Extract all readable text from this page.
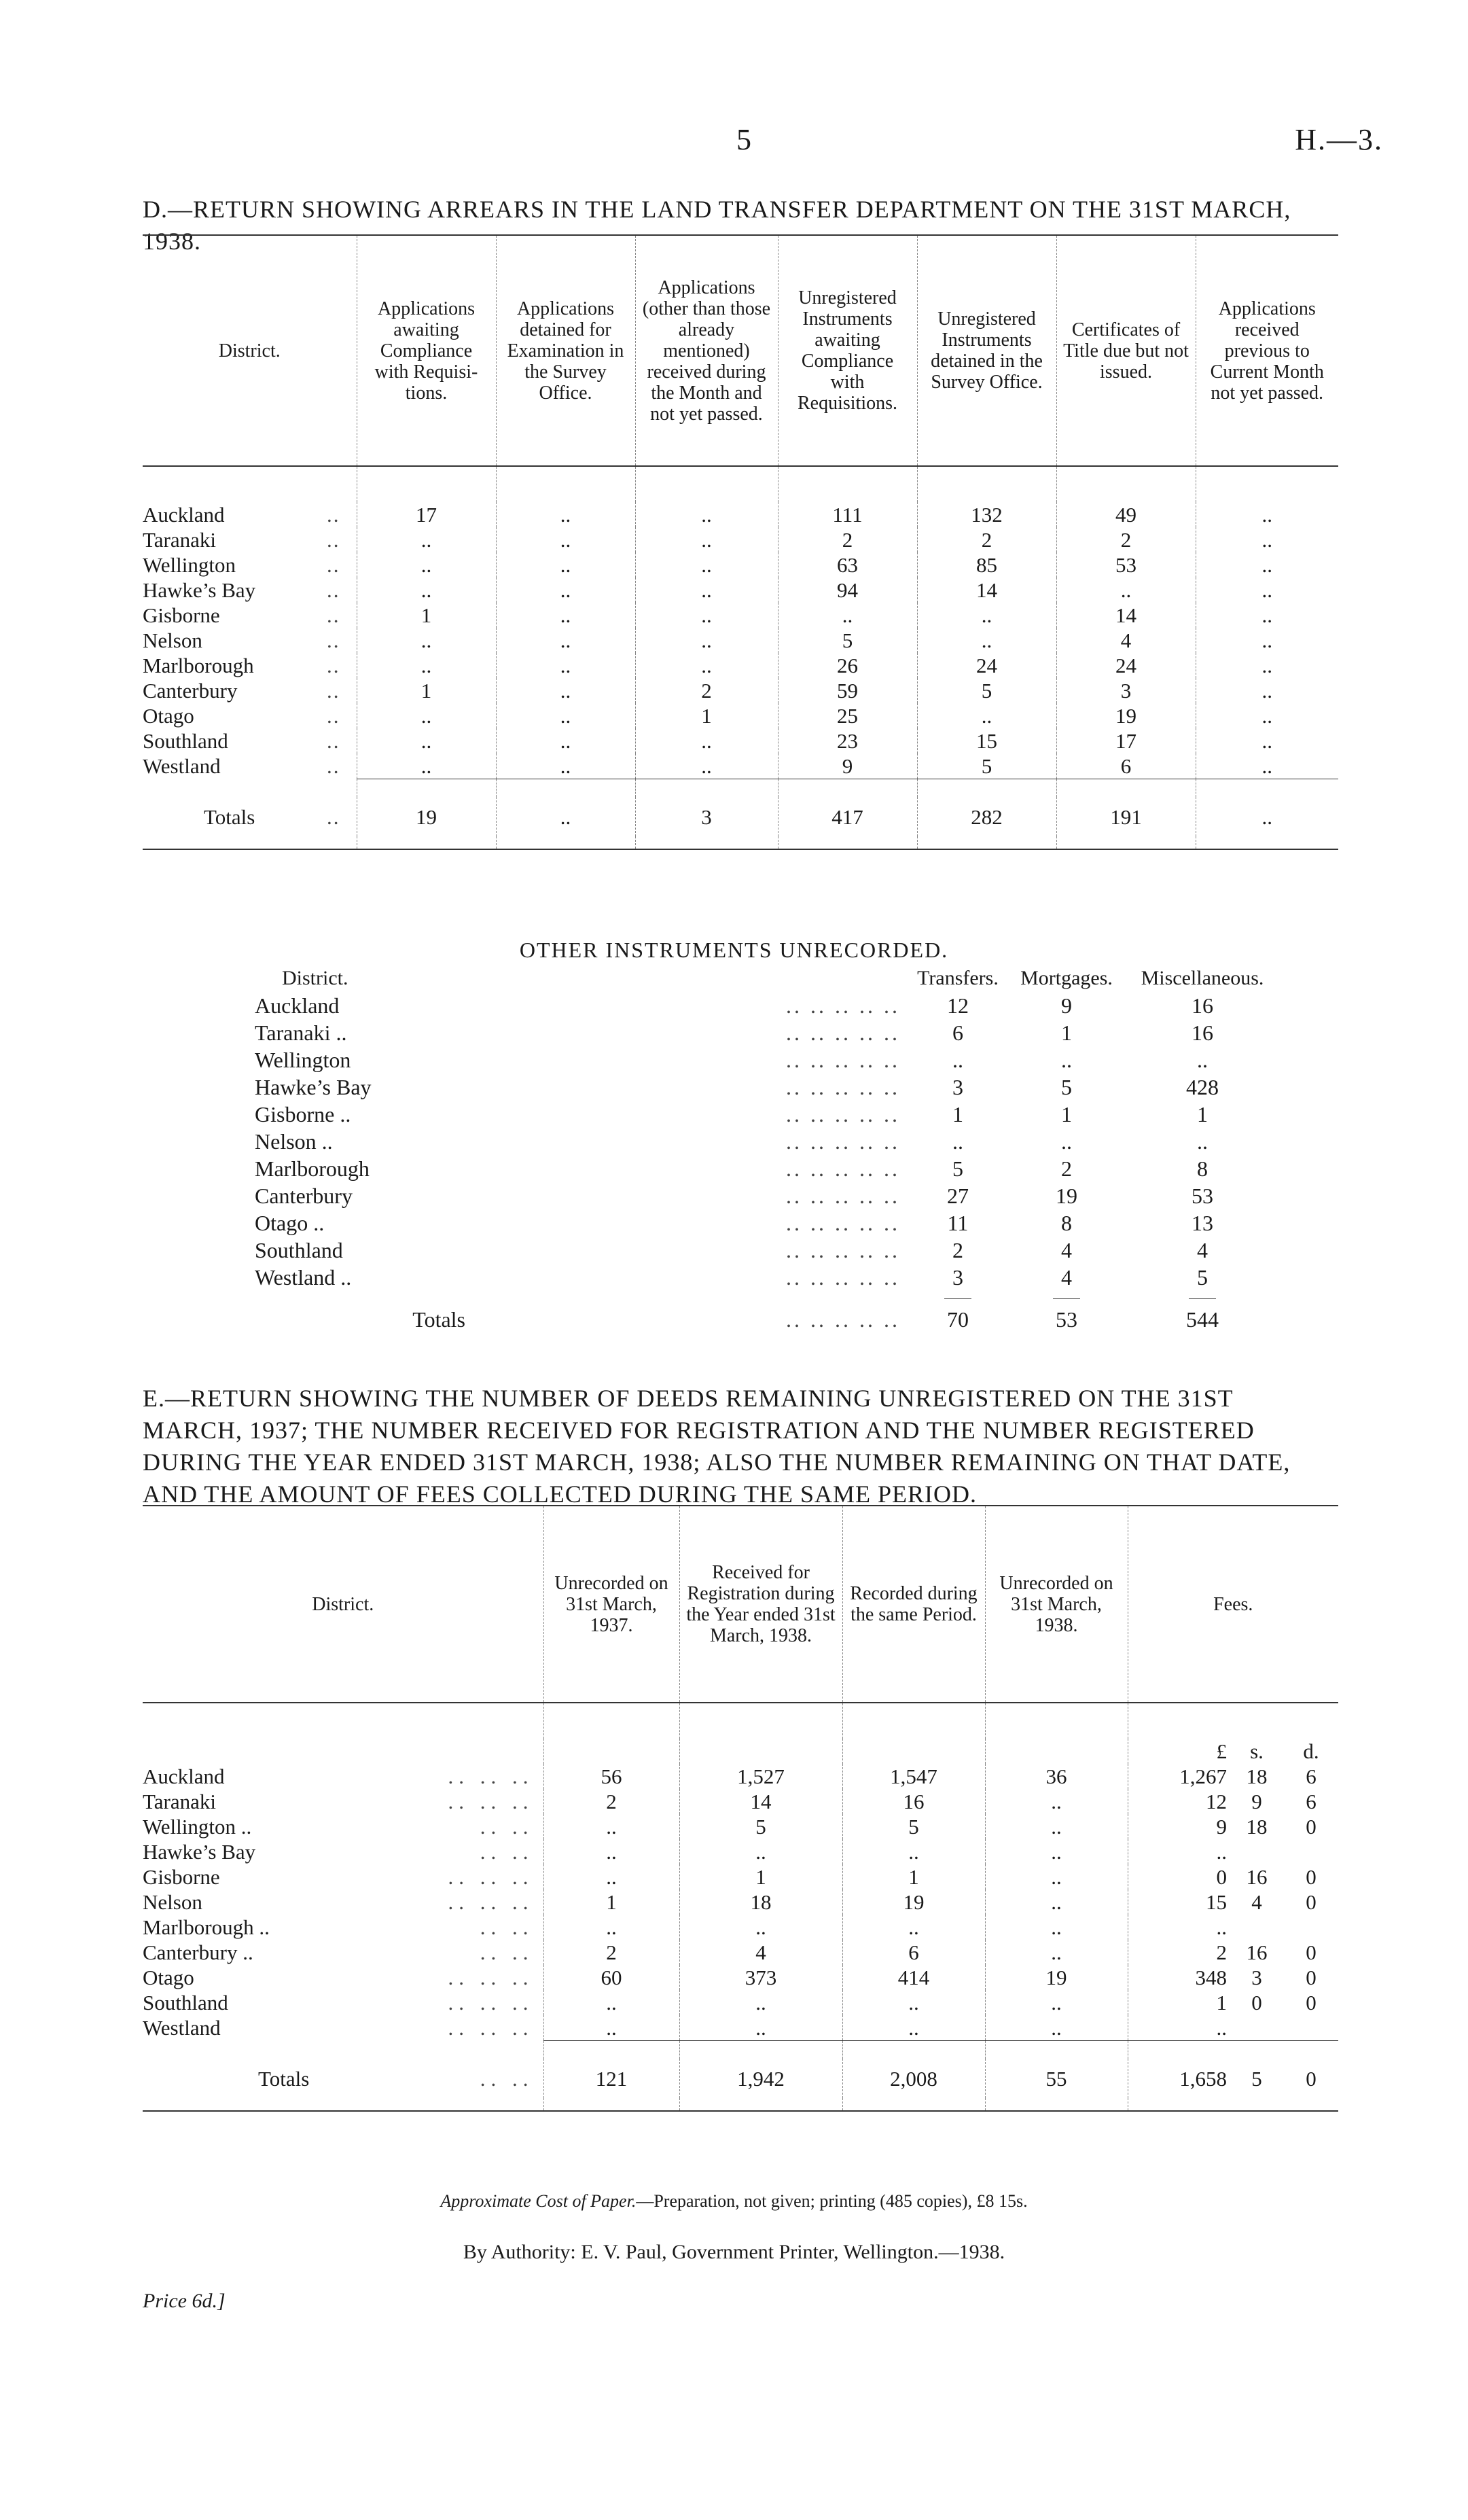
5	H.—3.
D.—RETURN SHOWING ARREARS IN THE LAND TRANSFER DEPARTMENT ON THE 31ST MARCH, 1938.
District.	Applications awaiting Compliance with Requisi-tions.	Applications detained for Examination in the Survey Office.	Applications (other than those already mentioned) received during the Month and not yet passed.	Unregistered Instruments awaiting Compliance with Requisitions.	Unregistered Instruments detained in the Survey Office.	Certificates of Title due but not issued.	Applications received previous to Current Month not yet passed.

Auckland ..	17	..	..	111	132	49	..
Taranaki ..	..	..	..	2	2	2	..
Wellington ..	..	..	..	63	85	53	..
Hawke’s Bay ..	..	..	..	94	14	..	..
Gisborne ..	1	..	..	..	..	14	..
Nelson ..	..	..	..	5	..	4	..
Marlborough ..	..	..	..	26	24	24	..
Canterbury ..	1	..	2	59	5	3	..
Otago ..	..	..	1	25	..	19	..
Southland ..	..	..	..	23	15	17	..
Westland ..	..	..	..	9	5	6	..

Totals ..	19	..	3	417	282	191	..

OTHER INSTRUMENTS UNRECORDED.
District.		Transfers.	Mortgages.	Miscellaneous.
Auckland	.. .. .. .. ..	12	9	16
Taranaki ..	.. .. .. .. ..	6	1	16
Wellington	.. .. .. .. ..	..	..	..
Hawke’s Bay	.. .. .. .. ..	3	5	428
Gisborne ..	.. .. .. .. ..	1	1	1
Nelson ..	.. .. .. .. ..	..	..	..
Marlborough	.. .. .. .. ..	5	2	8
Canterbury	.. .. .. .. ..	27	19	53
Otago ..	.. .. .. .. ..	11	8	13
Southland	.. .. .. .. ..	2	4	4
Westland ..	.. .. .. .. ..	3	4	5

Totals	.. .. .. .. ..	70	53	544
E.—RETURN SHOWING THE NUMBER OF DEEDS REMAINING UNREGISTERED ON THE 31ST MARCH, 1937; THE NUMBER RECEIVED FOR REGISTRATION AND THE NUMBER REGISTERED DURING THE YEAR ENDED 31ST MARCH, 1938; ALSO THE NUMBER REMAINING ON THAT DATE, AND THE AMOUNT OF FEES COLLECTED DURING THE SAME PERIOD.
District.	Unrecorded on 31st March, 1937.	Received for Registration during the Year ended 31st March, 1938.	Recorded during the same Period.	Unrecorded on 31st March, 1938.	Fees.		

					£	s.	d.
Auckland .. .. ..	56	1,527	1,547	36	1,267	18	6
Taranaki .. .. ..	2	14	16	..	12	9	6
Wellington .. .. ..	..	5	5	..	9	18	0
Hawke’s Bay .. ..	..	..	..	..	..		
Gisborne .. .. ..	..	1	1	..	0	16	0
Nelson .. .. ..	1	18	19	..	15	4	0
Marlborough .. .. ..	..	..	..	..	..		
Canterbury .. .. ..	2	4	6	..	2	16	0
Otago .. .. ..	60	373	414	19	348	3	0
Southland .. .. ..	..	..	..	..	1	0	0
Westland .. .. ..	..	..	..	..	..		

Totals .. ..	121	1,942	2,008	55	1,658	5	0

Approximate Cost of Paper.—Preparation, not given; printing (485 copies), £8 15s.
By Authority: E. V. Paul, Government Printer, Wellington.—1938.
Price 6d.]
